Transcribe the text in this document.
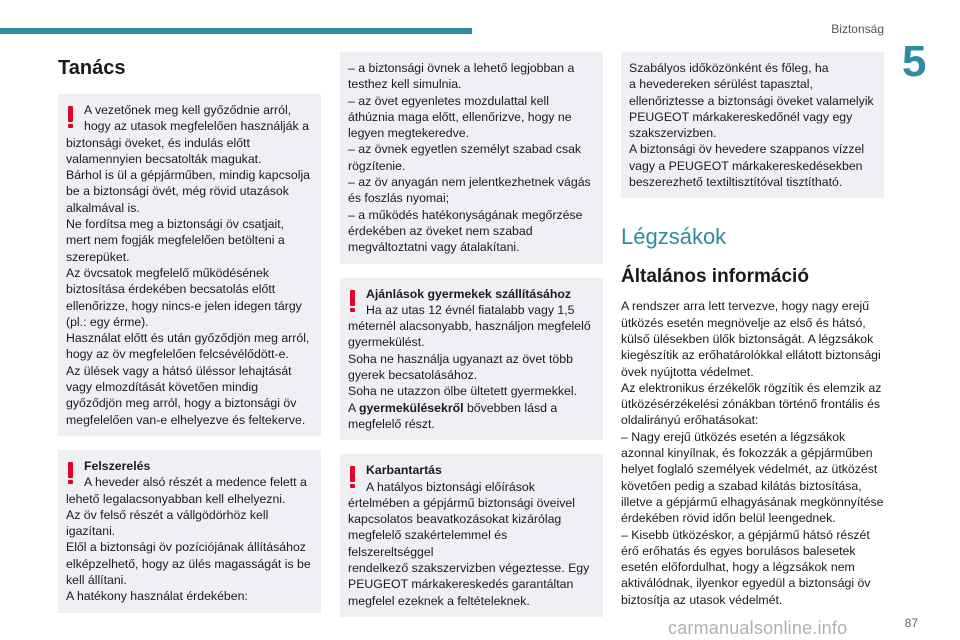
Biztonság
5
Tanács
A vezetőnek meg kell győződnie arról,
hogy az utasok megfelelően használják a
biztonsági öveket, és indulás előtt
valamennyien becsatolták magukat.
Bárhol is ül a gépjárműben, mindig kapcsolja
be a biztonsági övét, még rövid utazások
alkalmával is.
Ne fordítsa meg a biztonsági öv csatjait,
mert nem fogják megfelelően betölteni a
szerepüket.
Az övcsatok megfelelő működésének
biztosítása érdekében becsatolás előtt
ellenőrizze, hogy nincs-e jelen idegen tárgy
(pl.: egy érme).
Használat előtt és után győződjön meg arról,
hogy az öv megfelelően felcsévélődött-e.
Az ülések vagy a hátsó üléssor lehajtását
vagy elmozdítását követően mindig
győződjön meg arról, hogy a biztonsági öv
megfelelően van-e elhelyezve és feltekerve.
Felszerelés
A heveder alsó részét a medence felett a
lehető legalacsonyabban kell elhelyezni.
Az öv felső részét a vállgödörhöz kell
igazítani.
Elől a biztonsági öv pozíciójának állításához
elképzelhető, hogy az ülés magasságát is be
kell állítani.
A hatékony használat érdekében:
– a biztonsági övnek a lehető legjobban a
testhez kell simulnia.
– az övet egyenletes mozdulattal kell
áthúznia maga előtt, ellenőrizve, hogy ne
legyen megtekeredve.
– az övnek egyetlen személyt szabad csak
rögzítenie.
– az öv anyagán nem jelentkezhetnek vágás
és foszlás nyomai;
– a működés hatékonyságának megőrzése
érdekében az öveket nem szabad
megváltoztatni vagy átalakítani.
Ajánlások gyermekek szállításához
Ha az utas 12 évnél fiatalabb vagy 1,5
méternél alacsonyabb, használjon megfelelő
gyermekülést.
Soha ne használja ugyanazt az övet több
gyerek becsatolásához.
Soha ne utazzon ölbe ültetett gyermekkel.
A gyermekülésekről bővebben lásd a
megfelelő részt.
Karbantartás
A hatályos biztonsági előírások
értelmében a gépjármű biztonsági öveivel
kapcsolatos beavatkozásokat kizárólag
megfelelő szakértelemmel és felszereltséggel
rendelkező szakszervizben végeztesse. Egy
PEUGEOT márkakereskedés garantáltan
megfelel ezeknek a feltételeknek.
Szabályos időközönként és főleg, ha
a hevedereken sérülést tapasztal,
ellenőriztesse a biztonsági öveket valamelyik
PEUGEOT márkakereskedőnél vagy egy
szakszervizben.
A biztonsági öv hevedere szappanos vízzel
vagy a PEUGEOT márkakereskedésekben
beszerezhető textiltisztítóval tisztítható.
Légzsákok
Általános információ
A rendszer arra lett tervezve, hogy nagy erejű
ütközés esetén megnövelje az első és hátsó,
külső ülésekben ülők biztonságát. A légzsákok
kiegészítik az erőhatárolókkal ellátott biztonsági
övek nyújtotta védelmet.
Az elektronikus érzékelők rögzítik és elemzik az
ütközésérzékelési zónákban történő frontális és
oldalirányú erőhatásokat:
– Nagy erejű ütközés esetén a légzsákok
azonnal kinyílnak, és fokozzák a gépjárműben
helyet foglaló személyek védelmét, az ütközést
követően pedig a szabad kilátás biztosítása,
illetve a gépjármű elhagyásának megkönnyítése
érdekében rövid időn belül leengednek.
– Kisebb ütközéskor, a gépjármű hátsó részét
érő erőhatás és egyes borulásos balesetek
esetén előfordulhat, hogy a légzsákok nem
aktiválódnak, ilyenkor egyedül a biztonsági öv
biztosítja az utasok védelmét.
carmanualsonline.info	87
